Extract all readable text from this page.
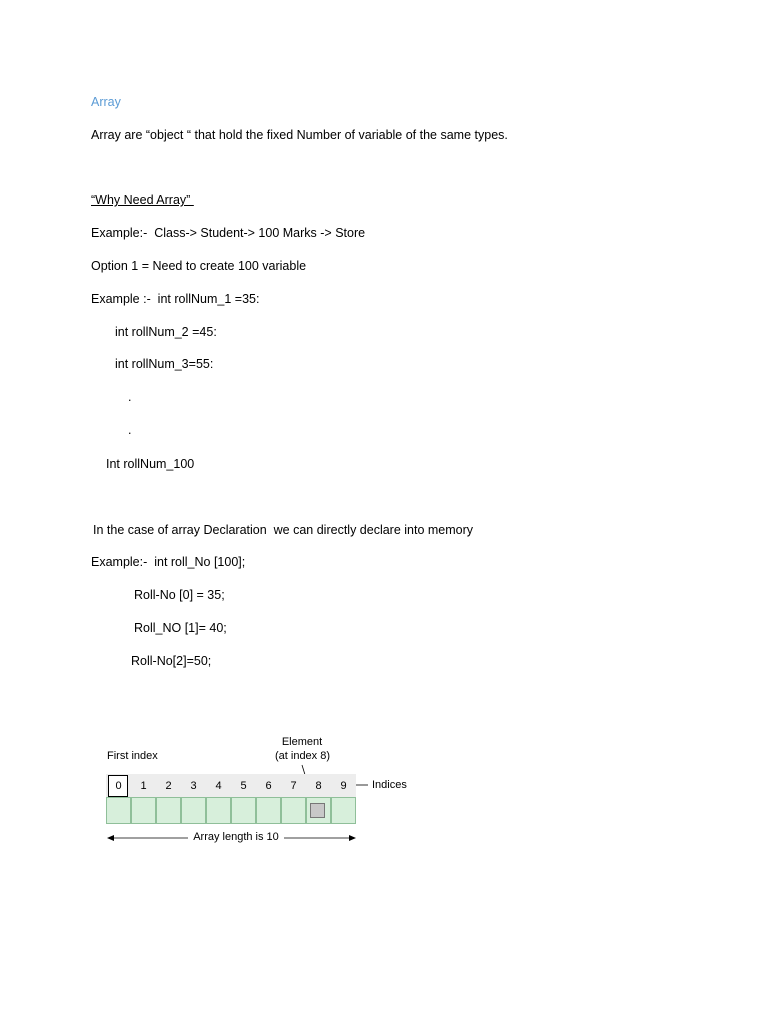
Array
Array are “object “ that hold the fixed Number of variable of the same types.
“Why Need Array”
Example:-  Class-> Student-> 100 Marks -> Store
Option 1 = Need to create 100 variable
Example :-  int rollNum_1 =35:
int rollNum_2 =45:
int rollNum_3=55:
.
.
Int rollNum_100
In the case of array Declaration  we can directly declare into memory
Example:-  int roll_No [100];
Roll-No [0] = 35;
Roll_NO [1]= 40;
Roll-No[2]=50;
First index
Element
(at index 8)
Indices
0	1	2	3	4	5	6	7	8	9
Array length is 10
